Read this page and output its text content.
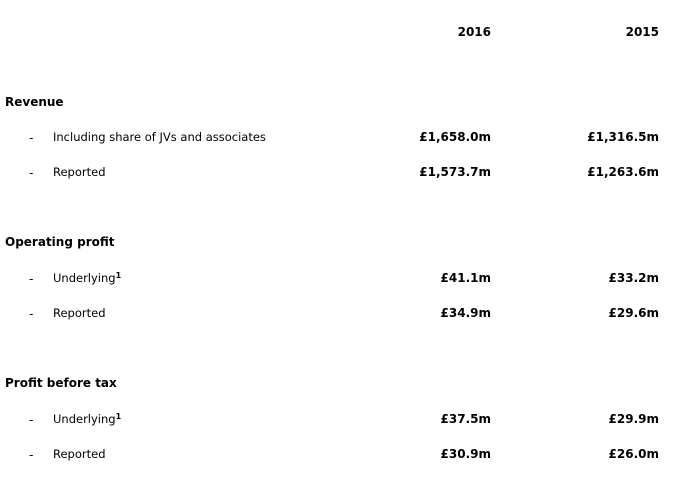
2016	2015
Revenue
- Including share of JVs and associates	£1,658.0m	£1,316.5m
- Reported	£1,573.7m	£1,263.6m
Operating profit
- Underlying$^1$	£41.1m	£33.2m
- Reported	£34.9m	£29.6m
Profit before tax
- Underlying$^1$	£37.5m	£29.9m
- Reported	£30.9m	£26.0m
